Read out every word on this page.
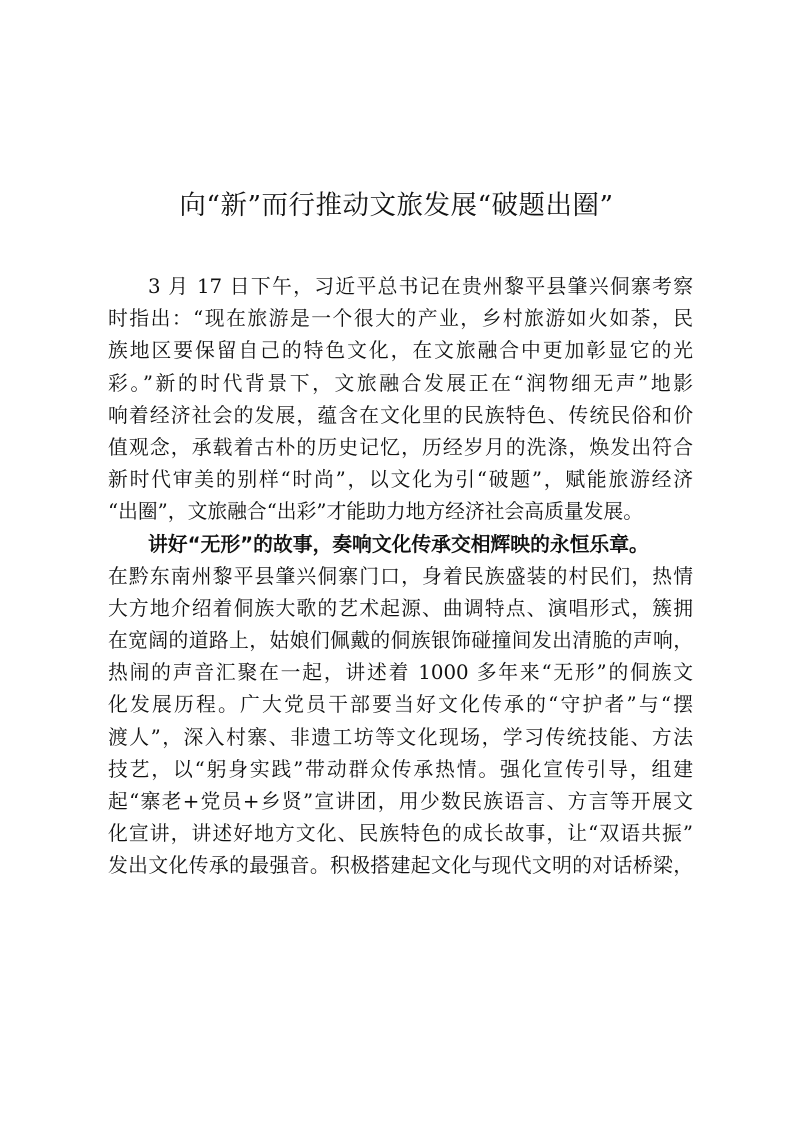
向“新”而行推动文旅发展“破题出圈”
3 月 17 日下午，习近平总书记在贵州黎平县肇兴侗寨考察
时指出：“现在旅游是一个很大的产业，乡村旅游如火如荼，民
族地区要保留自己的特色文化，在文旅融合中更加彰显它的光
彩。”新的时代背景下，文旅融合发展正在“润物细无声”地影
响着经济社会的发展，蕴含在文化里的民族特色、传统民俗和价
值观念，承载着古朴的历史记忆，历经岁月的洗涤，焕发出符合
新时代审美的别样“时尚”，以文化为引“破题”，赋能旅游经济
“出圈”，文旅融合“出彩”才能助力地方经济社会高质量发展。
讲好“无形”的故事，奏响文化传承交相辉映的永恒乐章。
在黔东南州黎平县肇兴侗寨门口，身着民族盛装的村民们，热情
大方地介绍着侗族大歌的艺术起源、曲调特点、演唱形式，簇拥
在宽阔的道路上，姑娘们佩戴的侗族银饰碰撞间发出清脆的声响，
热闹的声音汇聚在一起，讲述着 1000 多年来“无形”的侗族文
化发展历程。广大党员干部要当好文化传承的“守护者”与“摆
渡人”，深入村寨、非遗工坊等文化现场，学习传统技能、方法
技艺，以“躬身实践”带动群众传承热情。强化宣传引导，组建
起“寨老+党员+乡贤”宣讲团，用少数民族语言、方言等开展文
化宣讲，讲述好地方文化、民族特色的成长故事，让“双语共振”
发出文化传承的最强音。积极搭建起文化与现代文明的对话桥梁，
